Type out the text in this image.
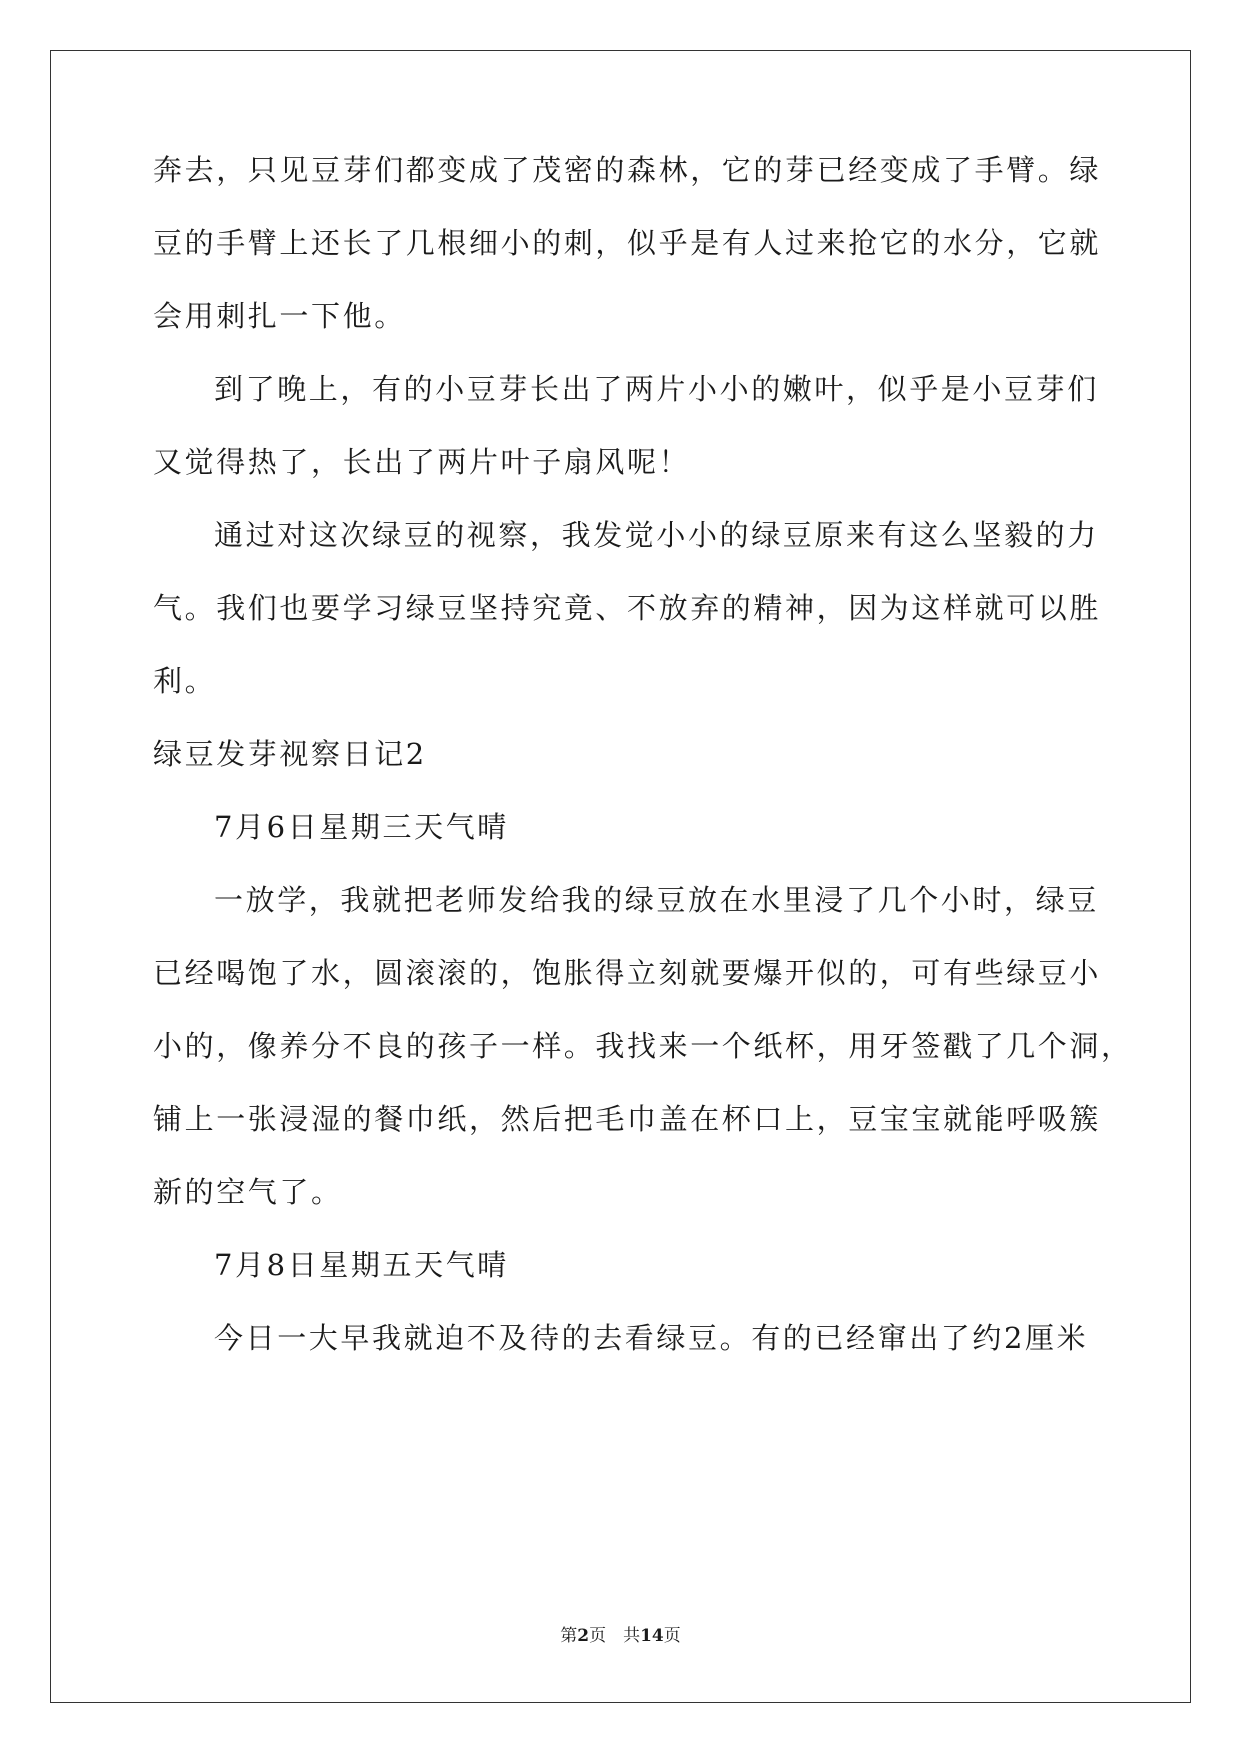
奔去，只见豆芽们都变成了茂密的森林，它的芽已经变成了手臂。绿
豆的手臂上还长了几根细小的刺，似乎是有人过来抢它的水分，它就
会用刺扎一下他。
到了晚上，有的小豆芽长出了两片小小的嫩叶，似乎是小豆芽们
又觉得热了，长出了两片叶子扇风呢！
通过对这次绿豆的视察，我发觉小小的绿豆原来有这么坚毅的力
气。我们也要学习绿豆坚持究竟、不放弃的精神，因为这样就可以胜
利。
绿豆发芽视察日记2
7月6日星期三天气晴
一放学，我就把老师发给我的绿豆放在水里浸了几个小时，绿豆
已经喝饱了水，圆滚滚的，饱胀得立刻就要爆开似的，可有些绿豆小
小的，像养分不良的孩子一样。我找来一个纸杯，用牙签戳了几个洞，
铺上一张浸湿的餐巾纸，然后把毛巾盖在杯口上，豆宝宝就能呼吸簇
新的空气了。
7月8日星期五天气晴
今日一大早我就迫不及待的去看绿豆。有的已经窜出了约2厘米
第2页　共14页
